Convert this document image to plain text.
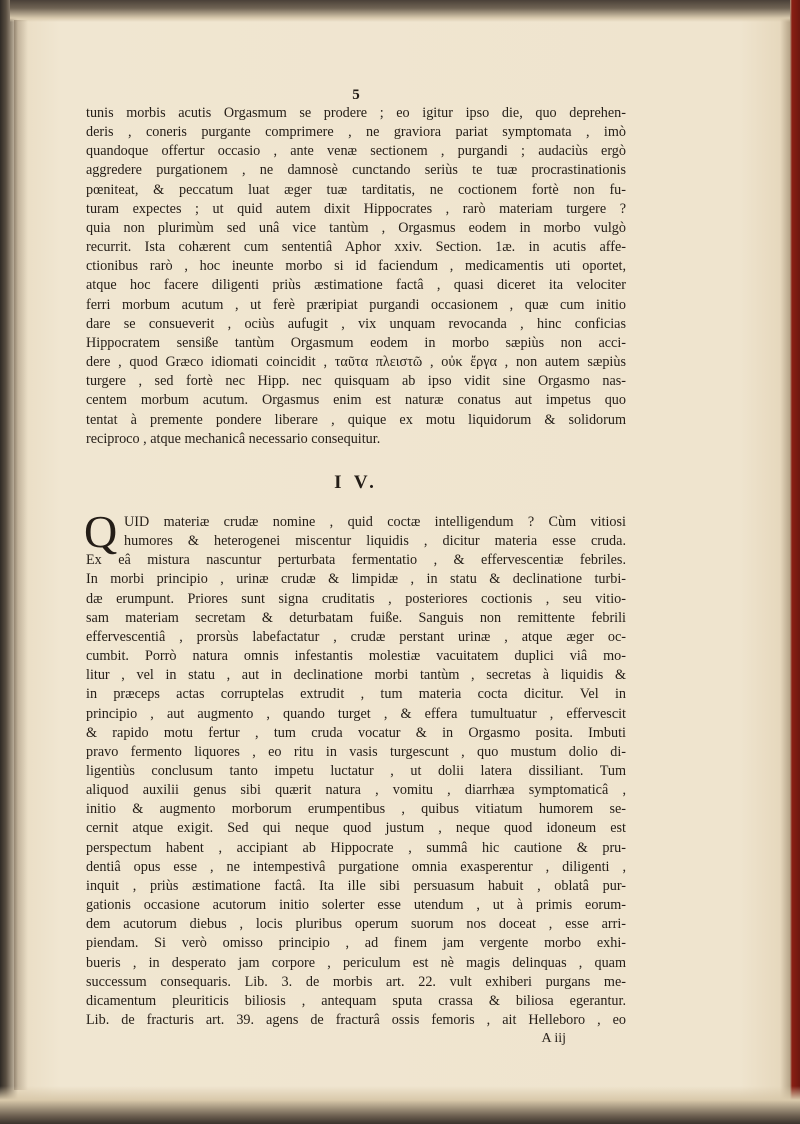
5
tunis morbis acutis Orgasmum se prodere ; eo igitur ipso die, quo deprehen-
deris , coneris purgante comprimere , ne graviora pariat symptomata , imò
quandoque offertur occasio , ante venæ sectionem , purgandi ; audaciùs ergò
aggredere purgationem , ne damnosè cunctando seriùs te tuæ procrastinationis
pœniteat, & peccatum luat æger tuæ tarditatis, ne coctionem fortè non fu-
turam expectes ; ut quid autem dixit Hippocrates , rarò materiam turgere ?
quia non plurimùm sed unâ vice tantùm , Orgasmus eodem in morbo vulgò
recurrit. Ista cohærent cum sententiâ Aphor xxiv. Section. 1æ. in acutis affe-
ctionibus rarò , hoc ineunte morbo si id faciendum , medicamentis uti oportet,
atque hoc facere diligenti priùs æstimatione factâ , quasi diceret ita velociter
ferri morbum acutum , ut ferè præripiat purgandi occasionem , quæ cum initio
dare se consueverit , ociùs aufugit , vix unquam revocanda , hinc conficias
Hippocratem sensiße tantùm Orgasmum eodem in morbo sæpiùs non acci-
dere , quod Græco idiomati coincidit , ταῦτα πλειστῶ , οὐκ ἔργα , non autem sæpiùs
turgere , sed fortè nec Hipp. nec quisquam ab ipso vidit sine Orgasmo nas-
centem morbum acutum. Orgasmus enim est naturæ conatus aut impetus quo
tentat à premente pondere liberare , quique ex motu liquidorum & solidorum
reciproco , atque mechanicâ necessario consequitur.
I V.
Q UID materiæ crudæ nomine , quid coctæ intelligendum ? Cùm vitiosi
humores & heterogenei miscentur liquidis , dicitur materia esse cruda.
Ex eâ mistura nascuntur perturbata fermentatio , & effervescentiæ febriles.
In morbi principio , urinæ crudæ & limpidæ , in statu & declinatione turbi-
dæ erumpunt. Priores sunt signa cruditatis , posteriores coctionis , seu vitio-
sam materiam secretam & deturbatam fuiße. Sanguis non remittente febrili
effervescentiâ , prorsùs labefactatur , crudæ perstant urinæ , atque æger oc-
cumbit. Porrò natura omnis infestantis molestiæ vacuitatem duplici viâ mo-
litur , vel in statu , aut in declinatione morbi tantùm , secretas à liquidis &
in præceps actas corruptelas extrudit , tum materia cocta dicitur. Vel in
principio , aut augmento , quando turget , & effera tumultuatur , effervescit
& rapido motu fertur , tum cruda vocatur & in Orgasmo posita. Imbuti
pravo fermento liquores , eo ritu in vasis turgescunt , quo mustum dolio di-
ligentiùs conclusum tanto impetu luctatur , ut dolii latera dissiliant. Tum
aliquod auxilii genus sibi quærit natura , vomitu , diarrhæa symptomaticâ ,
initio & augmento morborum erumpentibus , quibus vitiatum humorem se-
cernit atque exigit. Sed qui neque quod justum , neque quod idoneum est
perspectum habent , accipiant ab Hippocrate , summâ hic cautione & pru-
dentiâ opus esse , ne intempestivâ purgatione omnia exasperentur , diligenti ,
inquit , priùs æstimatione factâ. Ita ille sibi persuasum habuit , oblatâ pur-
gationis occasione acutorum initio solerter esse utendum , ut à primis eorum-
dem acutorum diebus , locis pluribus operum suorum nos doceat , esse arri-
piendam. Si verò omisso principio , ad finem jam vergente morbo exhi-
bueris , in desperato jam corpore , periculum est nè magis delinquas , quam
successum consequaris. Lib. 3. de morbis art. 22. vult exhiberi purgans me-
dicamentum pleuriticis biliosis , antequam sputa crassa & biliosa egerantur.
Lib. de fracturis art. 39. agens de fracturâ ossis femoris , ait Helleboro , eo
A iij
